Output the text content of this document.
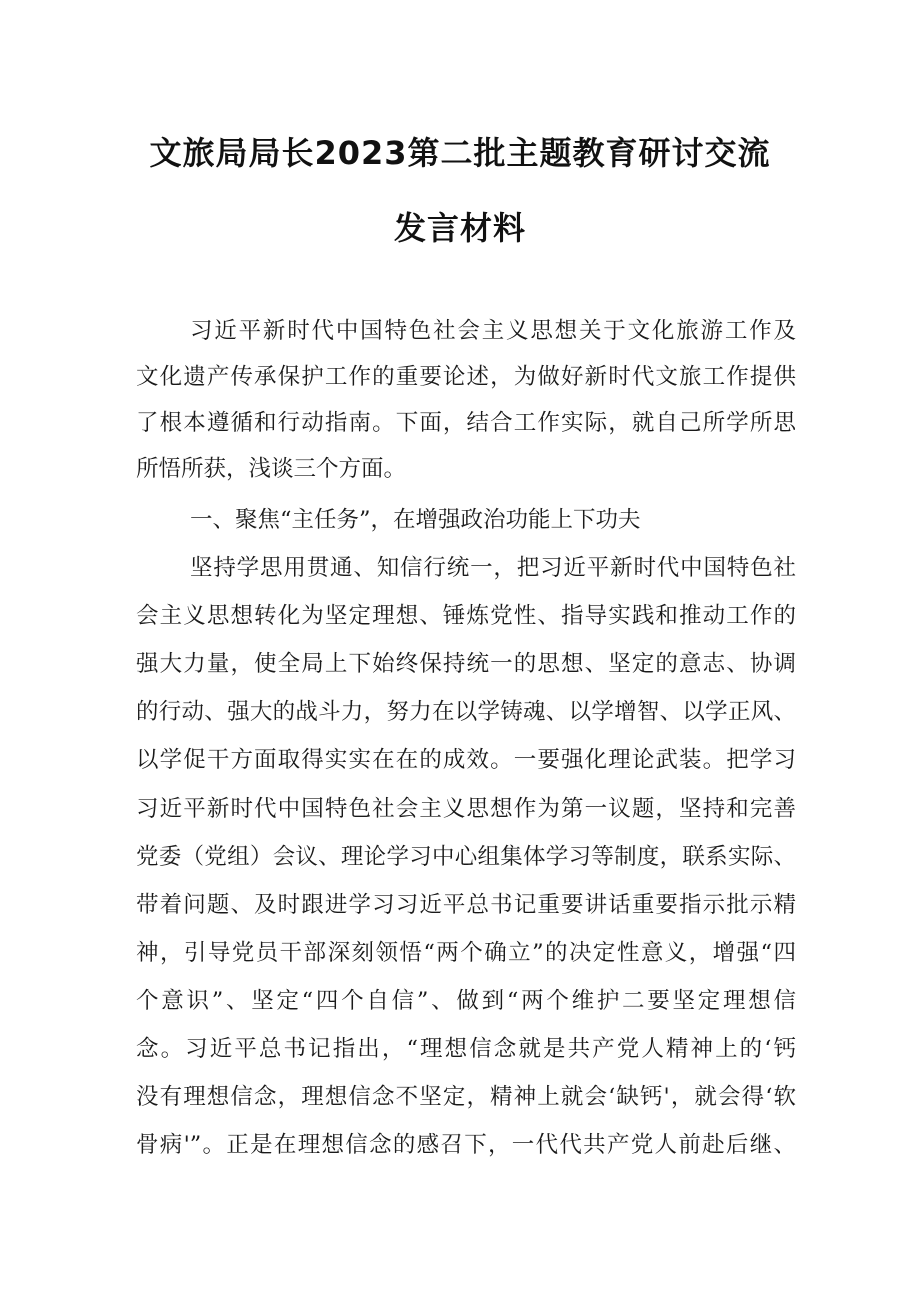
文旅局局长2023第二批主题教育研讨交流
发言材料
习近平新时代中国特色社会主义思想关于文化旅游工作及
文化遗产传承保护工作的重要论述，为做好新时代文旅工作提供
了根本遵循和行动指南。下面，结合工作实际，就自己所学所思
所悟所获，浅谈三个方面。
一、聚焦“主任务”，在增强政治功能上下功夫
坚持学思用贯通、知信行统一，把习近平新时代中国特色社
会主义思想转化为坚定理想、锤炼党性、指导实践和推动工作的
强大力量，使全局上下始终保持统一的思想、坚定的意志、协调
的行动、强大的战斗力，努力在以学铸魂、以学增智、以学正风、
以学促干方面取得实实在在的成效。一要强化理论武装。把学习
习近平新时代中国特色社会主义思想作为第一议题，坚持和完善
党委（党组）会议、理论学习中心组集体学习等制度，联系实际、
带着问题、及时跟进学习习近平总书记重要讲话重要指示批示精
神，引导党员干部深刻领悟“两个确立”的决定性意义，增强“四
个意识”、坚定“四个自信”、做到“两个维护二要坚定理想信
念。习近平总书记指出，“理想信念就是共产党人精神上的‘钙
没有理想信念，理想信念不坚定，精神上就会‘缺钙'，就会得‘软
骨病'”。正是在理想信念的感召下，一代代共产党人前赴后继、
